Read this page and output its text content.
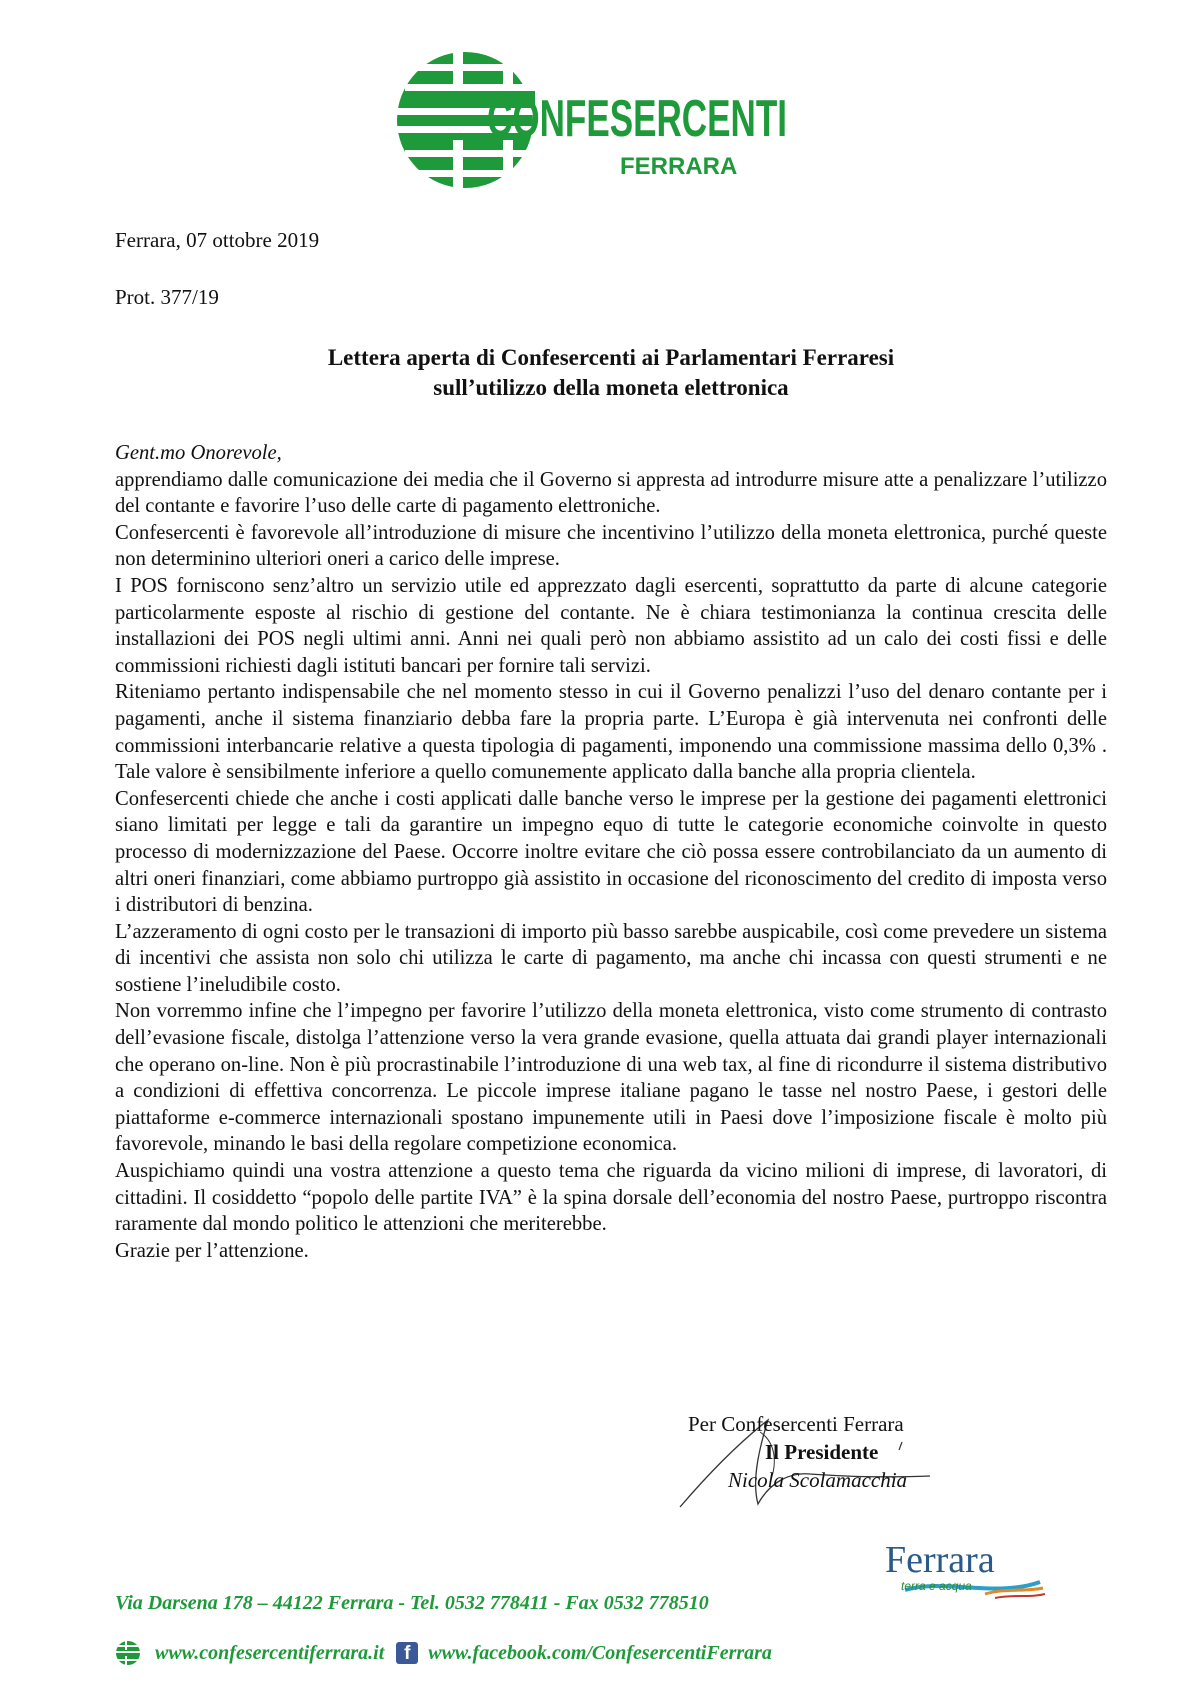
CONFESERCENTI
FERRARA
Ferrara, 07 ottobre 2019
Prot. 377/19
Lettera aperta di Confesercenti ai Parlamentari Ferraresi
sull’utilizzo della moneta elettronica
Gent.mo Onorevole,
apprendiamo dalle comunicazione dei media che il Governo si appresta ad introdurre misure atte a penalizzare l’utilizzo del contante e favorire l’uso delle carte di pagamento elettroniche.
Confesercenti è favorevole all’introduzione di misure che incentivino l’utilizzo della moneta elettronica, purché queste non determinino ulteriori oneri a carico delle imprese.
I POS forniscono senz’altro un servizio utile ed apprezzato dagli esercenti, soprattutto da parte di alcune categorie particolarmente esposte al rischio di gestione del contante. Ne è chiara testimonianza la continua crescita delle installazioni dei POS negli ultimi anni. Anni nei quali però non abbiamo assistito ad un calo dei costi fissi e delle commissioni richiesti dagli istituti bancari per fornire tali servizi.
Riteniamo pertanto indispensabile che nel momento stesso in cui il Governo penalizzi l’uso del denaro contante per i pagamenti, anche il sistema finanziario debba fare la propria parte. L’Europa è già intervenuta nei confronti delle commissioni interbancarie relative a questa tipologia di pagamenti, imponendo una commissione massima dello 0,3% . Tale valore è sensibilmente inferiore a quello comunemente applicato dalla banche alla propria clientela.
Confesercenti chiede che anche i costi applicati dalle banche verso le imprese per la gestione dei pagamenti elettronici siano limitati per legge e tali da garantire un impegno equo di tutte le categorie economiche coinvolte in questo processo di modernizzazione del Paese. Occorre inoltre evitare che ciò possa essere controbilanciato da un aumento di altri oneri finanziari, come abbiamo purtroppo già assistito in occasione del riconoscimento del credito di imposta verso i distributori di benzina.
L’azzeramento di ogni costo per le transazioni di importo più basso sarebbe auspicabile, così come prevedere un sistema di incentivi che assista non solo chi utilizza le carte di pagamento, ma anche chi incassa con questi strumenti e ne sostiene l’ineludibile costo.
Non vorremmo infine che l’impegno per favorire l’utilizzo della moneta elettronica, visto come strumento di contrasto dell’evasione fiscale, distolga l’attenzione verso la vera grande evasione, quella attuata dai grandi player internazionali che operano on-line. Non è più procrastinabile l’introduzione di una web tax, al fine di ricondurre il sistema distributivo a condizioni di effettiva concorrenza. Le piccole imprese italiane pagano le tasse nel nostro Paese, i gestori delle piattaforme e-commerce internazionali spostano impunemente utili in Paesi dove l’imposizione fiscale è molto più favorevole, minando le basi della regolare competizione economica.
Auspichiamo quindi una vostra attenzione a questo tema che riguarda da vicino milioni di imprese, di lavoratori, di cittadini. Il cosiddetto “popolo delle partite IVA” è la spina dorsale dell’economia del nostro Paese, purtroppo riscontra raramente dal mondo politico le attenzioni che meriterebbe.
Grazie per l’attenzione.
Per Confesercenti Ferrara
Il Presidente
Nicola Scolamacchia
Ferrara
terra e acqua
Via Darsena 178 – 44122 Ferrara - Tel. 0532 778411 - Fax 0532 778510
www.confesercentiferrara.it	f www.facebook.com/ConfesercentiFerrara
